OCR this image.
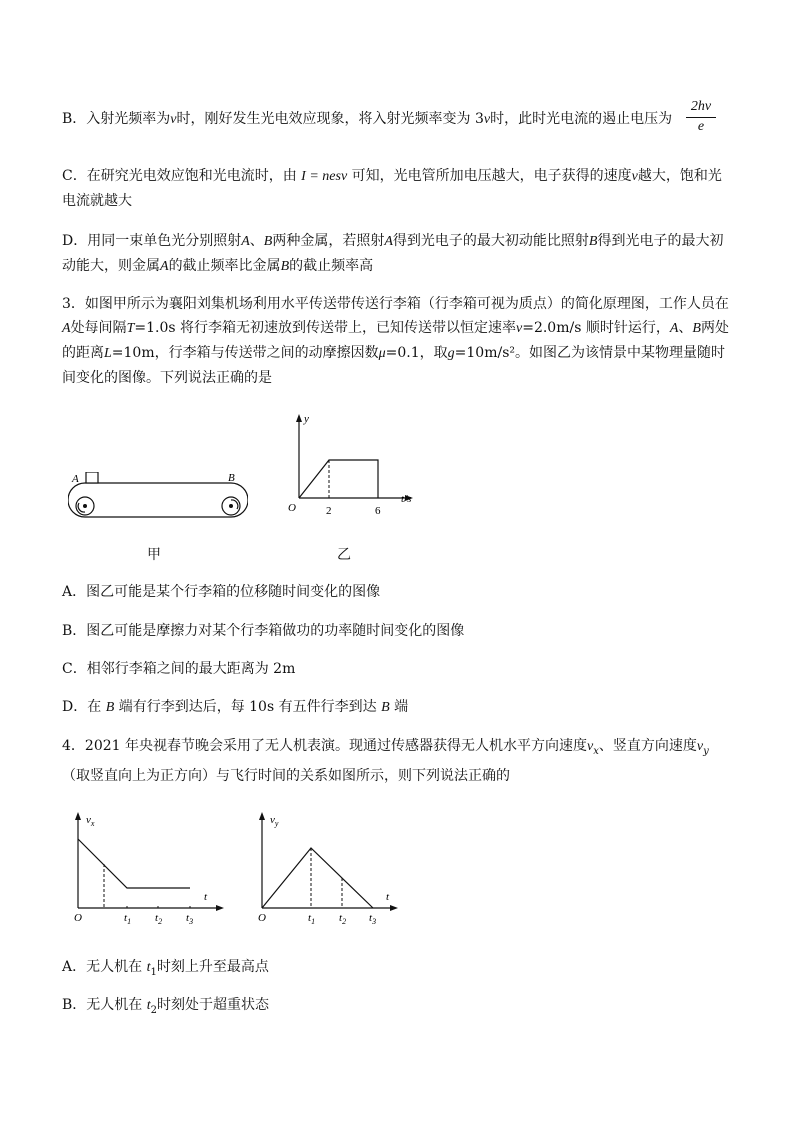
B．入射光频率为ν时，刚好发生光电效应现象，将入射光频率变为 3ν时，此时光电流的遏止电压为

2hν
e

C．在研究光电效应饱和光电流时，由 I = nesv 可知，光电管所加电压越大，电子获得的速度v越大，饱和光电流就越大

D．用同一束单色光分别照射A、B两种金属，若照射A得到光电子的最大初动能比照射B得到光电子的最大初动能大，则金属A的截止频率比金属B的截止频率高

3．如图甲所示为襄阳刘集机场利用水平传送带传送行李箱（行李箱可视为质点）的简化原理图，工作人员在A处每间隔T=1.0s 将行李箱无初速放到传送带上，已知传送带以恒定速率v=2.0m/s 顺时针运行，A、B两处的距离L=10m，行李箱与传送带之间的动摩擦因数μ=0.1，取g=10m/s²。如图乙为该情景中某物理量随时间变化的图像。下列说法正确的是

A	B
甲
y
t/s
O	2	6
乙

A．图乙可能是某个行李箱的位移随时间变化的图像

B．图乙可能是摩擦力对某个行李箱做功的功率随时间变化的图像

C．相邻行李箱之间的最大距离为 2m

D．在 B 端有行李到达后，每 10s 有五件行李到达 B 端

4．2021 年央视春节晚会采用了无人机表演。现通过传感器获得无人机水平方向速度$v_x$、竖直方向速度$v_y$（取竖直向上为正方向）与飞行时间的关系如图所示，则下列说法正确的

$v_x$
t
O	$t_1$ $t_2$ $t_3$
$v_y$
t
O	$t_1$ $t_2$ $t_3$

A．无人机在 $t_1$时刻上升至最高点

B．无人机在 $t_2$时刻处于超重状态
